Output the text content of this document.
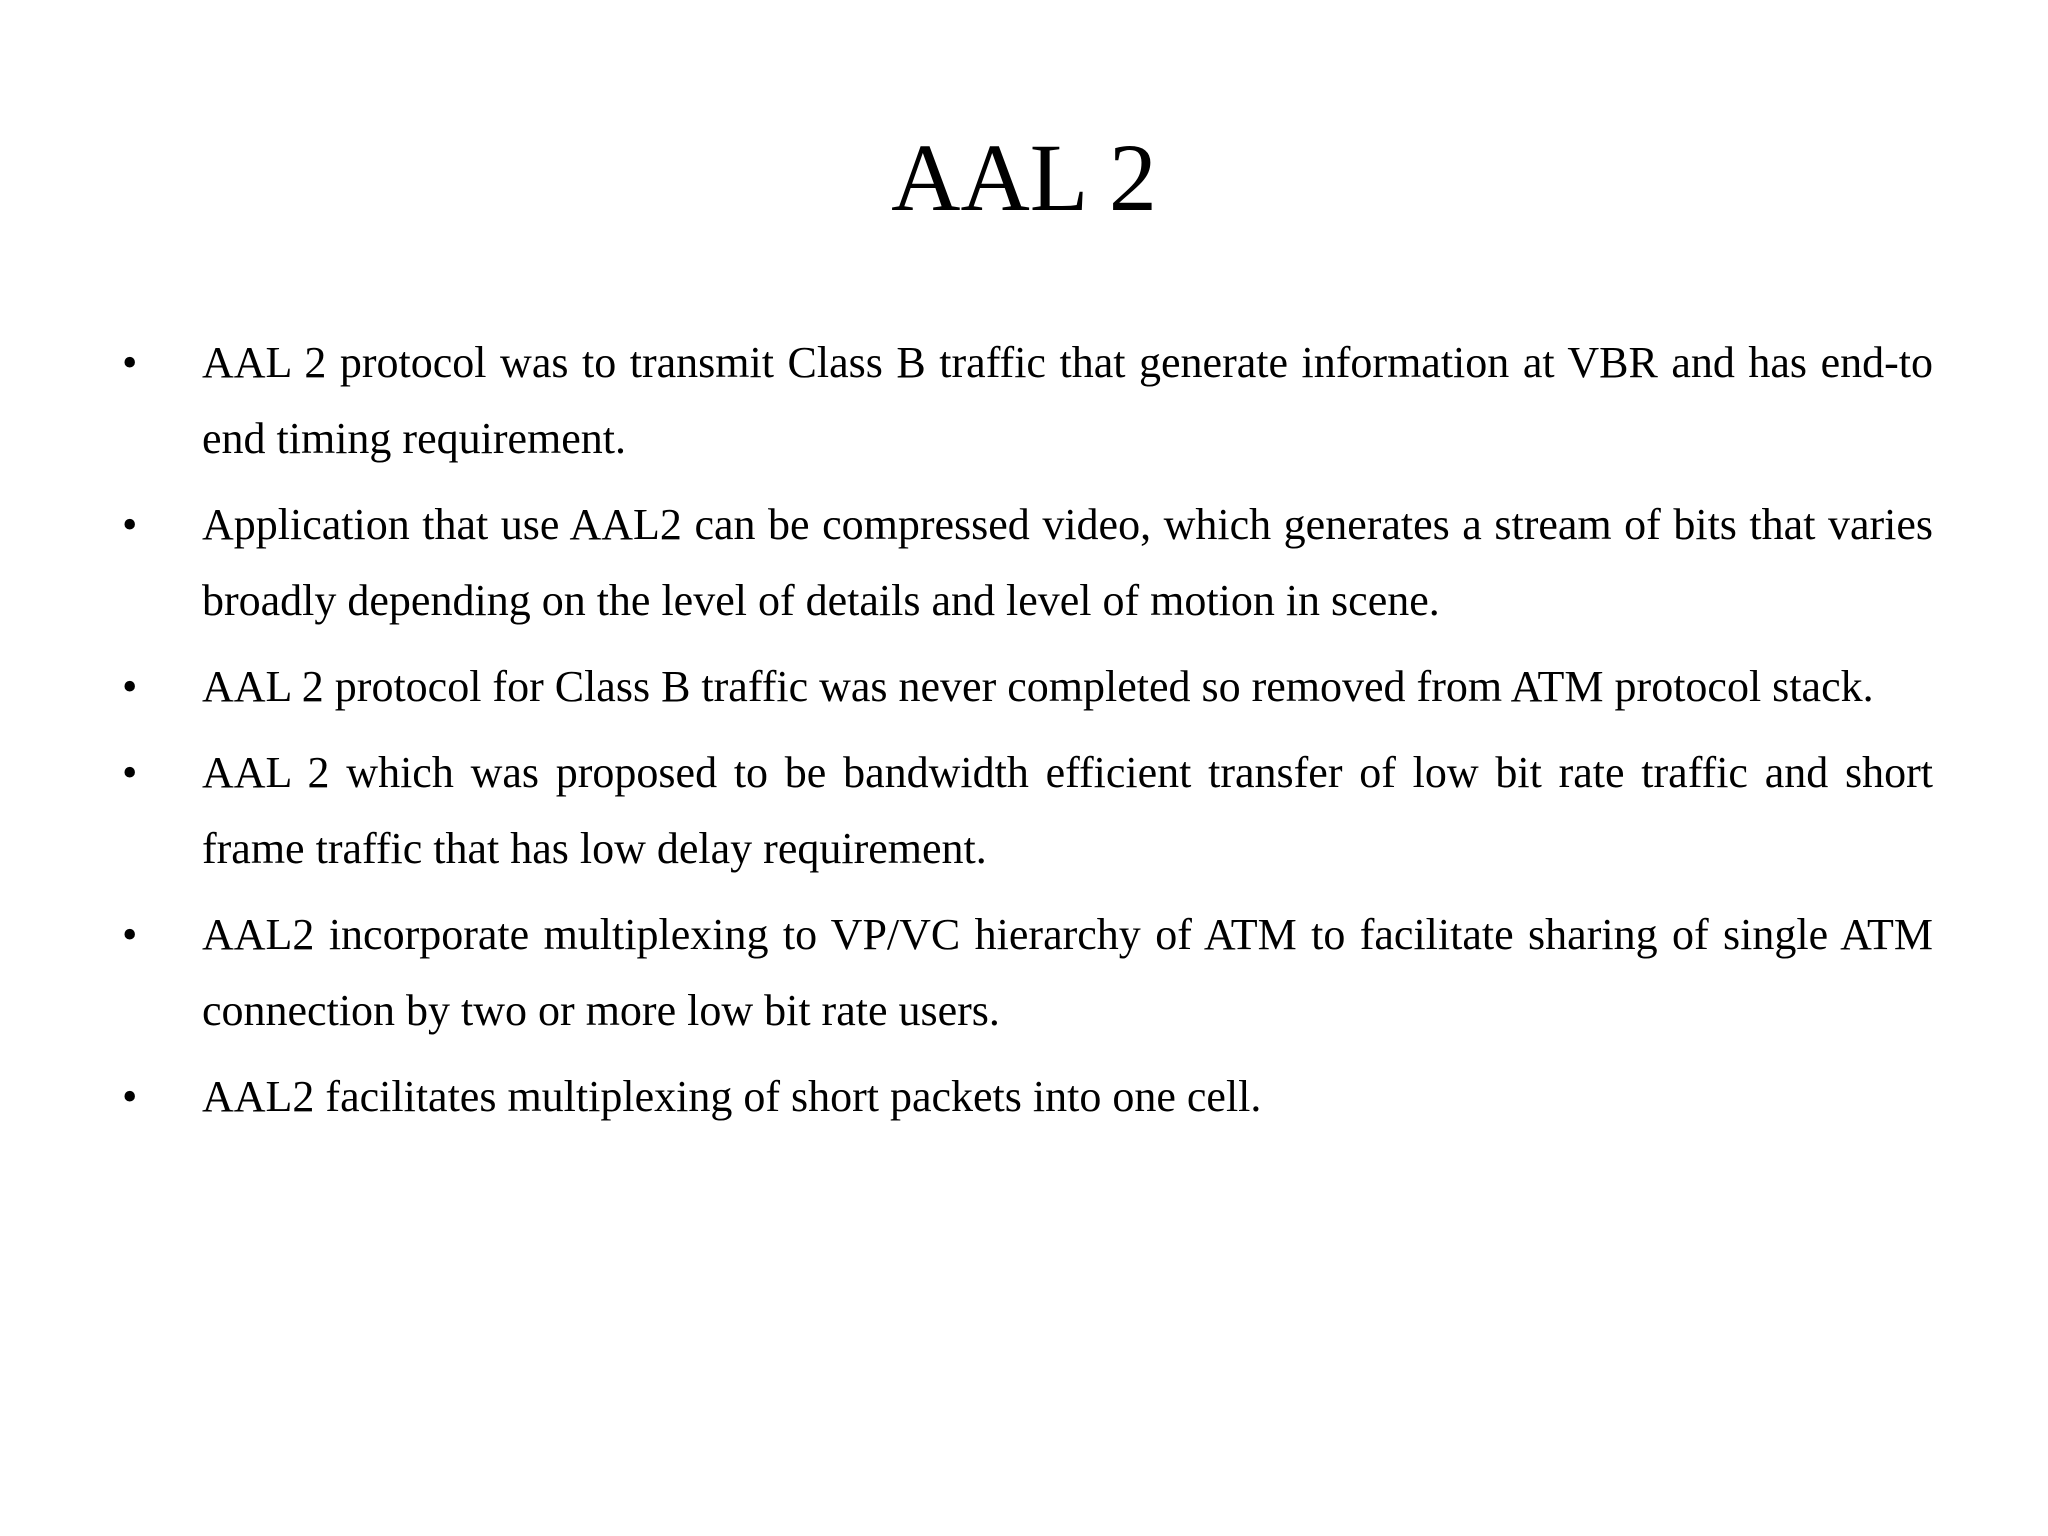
AAL 2
• AAL 2 protocol was to transmit Class B traffic that generate information at VBR and has end-to end timing requirement.
• Application that use AAL2 can be compressed video, which generates a stream of bits that varies broadly depending on the level of details and level of motion in scene.
• AAL 2 protocol for Class B traffic was never completed so removed from ATM protocol stack.
• AAL 2 which was proposed to be bandwidth efficient transfer of low bit rate traffic and short frame traffic that has low delay requirement.
• AAL2 incorporate multiplexing to VP/VC hierarchy of ATM to facilitate sharing of single ATM connection by two or more low bit rate users.
• AAL2 facilitates multiplexing of short packets into one cell.
